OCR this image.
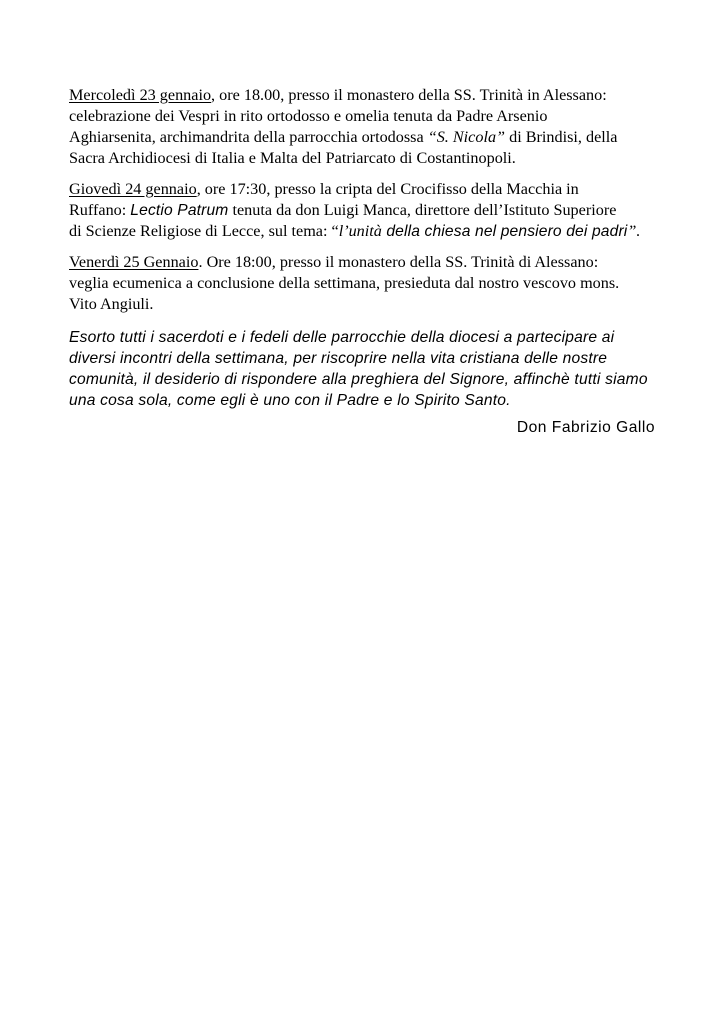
Mercoledì 23 gennaio, ore 18.00, presso il monastero della SS. Trinità in Alessano:
celebrazione dei Vespri in rito ortodosso e omelia tenuta da Padre Arsenio
Aghiarsenita, archimandrita della parrocchia ortodossa “S. Nicola” di Brindisi, della
Sacra Archidiocesi di Italia e Malta del Patriarcato di Costantinopoli.

Giovedì 24 gennaio, ore 17:30, presso la cripta del Crocifisso della Macchia in
Ruffano: Lectio Patrum tenuta da don Luigi Manca, direttore dell’Istituto Superiore
di Scienze Religiose di Lecce, sul tema: “l’unità della chiesa nel pensiero dei padri”.

Venerdì 25 Gennaio. Ore 18:00, presso il monastero della SS. Trinità di Alessano:
veglia ecumenica a conclusione della settimana, presieduta dal nostro vescovo mons.
Vito Angiuli.

Esorto tutti i sacerdoti e i fedeli delle parrocchie della diocesi a partecipare ai
diversi incontri della settimana, per riscoprire nella vita cristiana delle nostre
comunità, il desiderio di rispondere alla preghiera del Signore, affinchè tutti siamo
una cosa sola, come egli è uno con il Padre e lo Spirito Santo.

Don Fabrizio Gallo
